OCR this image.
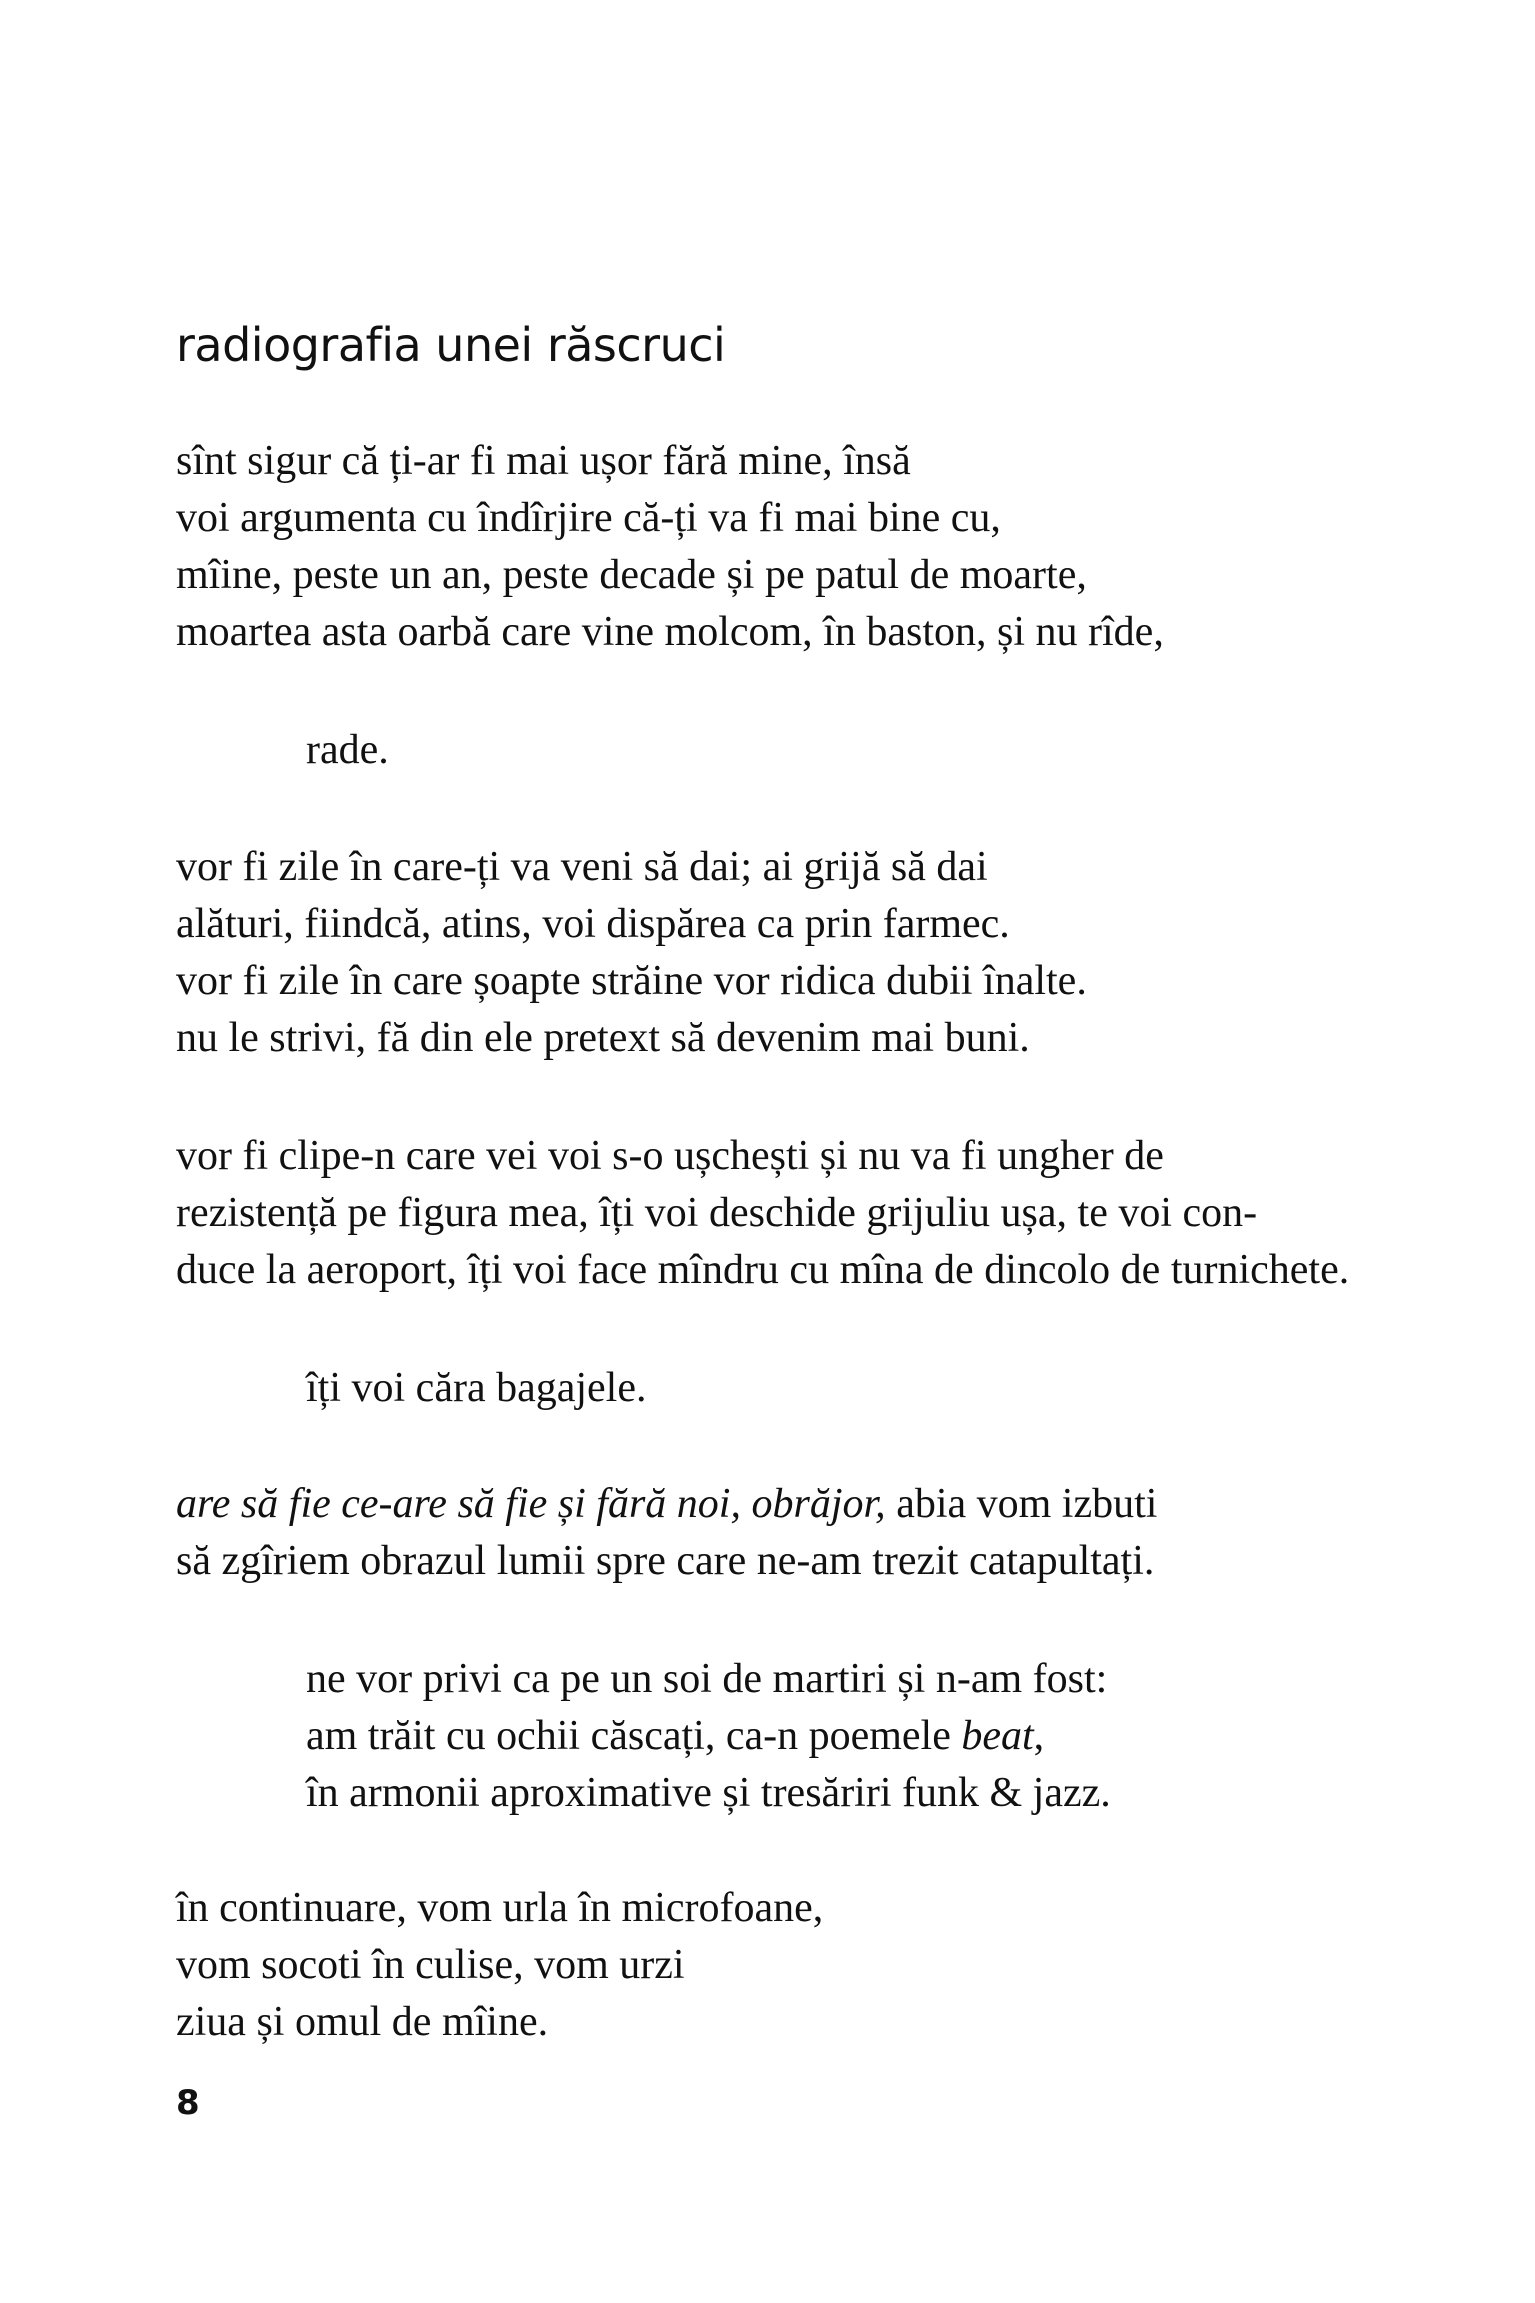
radiografia unei răscruci
sînt sigur că ți-ar fi mai ușor fără mine, însă
voi argumenta cu îndîrjire că-ți va fi mai bine cu,
mîine, peste un an, peste decade și pe patul de moarte,
moartea asta oarbă care vine molcom, în baston, și nu rîde,
rade.
vor fi zile în care-ți va veni să dai; ai grijă să dai
alături, fiindcă, atins, voi dispărea ca prin farmec.
vor fi zile în care șoapte străine vor ridica dubii înalte.
nu le strivi, fă din ele pretext să devenim mai buni.
vor fi clipe-n care vei voi s-o ușchești și nu va fi ungher de
rezistență pe figura mea, îți voi deschide grijuliu ușa, te voi con-
duce la aeroport, îți voi face mîndru cu mîna de dincolo de turnichete.
îți voi căra bagajele.
are să fie ce-are să fie și fără noi, obrăjor, abia vom izbuti
să zgîriem obrazul lumii spre care ne-am trezit catapultați.
ne vor privi ca pe un soi de martiri și n-am fost:
am trăit cu ochii căscați, ca-n poemele beat,
în armonii aproximative și tresăriri funk & jazz.
în continuare, vom urla în microfoane,
vom socoti în culise, vom urzi
ziua și omul de mîine.
8
